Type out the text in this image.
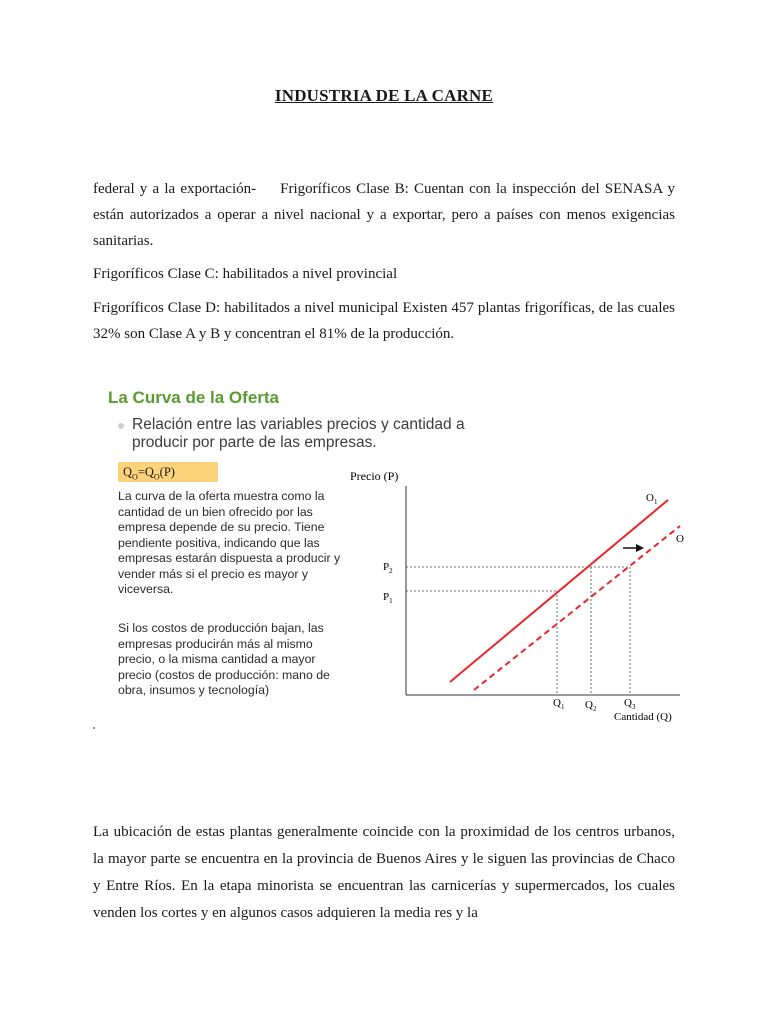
INDUSTRIA DE LA CARNE
federal y a la exportación- Frigoríficos Clase B: Cuentan con la inspección del SENASA y están autorizados a operar a nivel nacional y a exportar, pero a países con menos exigencias sanitarias.
Frigoríficos Clase C: habilitados a nivel provincial
Frigoríficos Clase D: habilitados a nivel municipal Existen 457 plantas frigoríficas, de las cuales 32% son Clase A y B y concentran el 81% de la producción.
La Curva de la Oferta
Relación entre las variables precios y cantidad a producir por parte de las empresas.
$Q_O=Q_O(P)$
La curva de la oferta muestra como la cantidad de un bien ofrecido por las empresa depende de su precio. Tiene pendiente positiva, indicando que las empresas estarán dispuesta a producir y vender más si el precio es mayor y viceversa.
Si los costos de producción bajan, las empresas producirán más al mismo precio, o la misma cantidad a mayor precio (costos de producción: mano de obra, insumos y tecnología)
Precio (P)
$O_1$
O
$P_2$
$P_1$
$Q_1$ $Q_2$	$Q_3$
Cantidad (Q)
La ubicación de estas plantas generalmente coincide con la proximidad de los centros urbanos, la mayor parte se encuentra en la provincia de Buenos Aires y le siguen las provincias de Chaco y Entre Ríos. En la etapa minorista se encuentran las carnicerías y supermercados, los cuales venden los cortes y en algunos casos adquieren la media res y la
